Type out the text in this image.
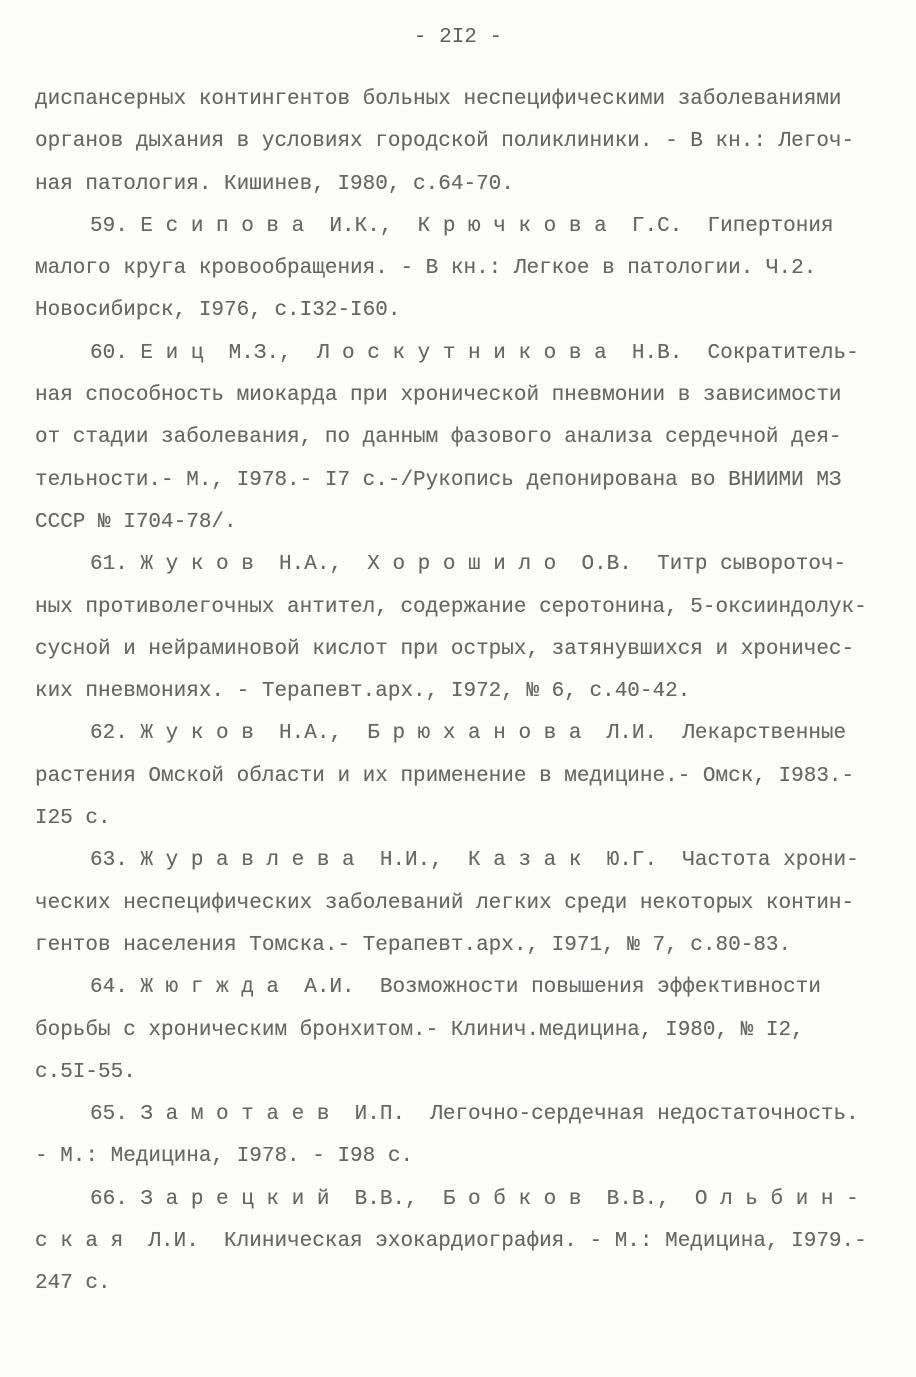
- 2I2 -
диспансерных контингентов больных неспецифическими заболеваниями
органов дыхания в условиях городской поликлиники. - В кн.: Легоч-
ная патология. Кишинев, I980, с.64-70.
59. Е с и п о в а  И.К.,  К р ю ч к о в а  Г.С.  Гипертония
малого круга кровообращения. - В кн.: Легкое в патологии. Ч.2.
Новосибирск, I976, с.I32-I60.
60. Е и ц  М.З.,  Л о с к у т н и к о в а  Н.В.  Сократитель-
ная способность миокарда при хронической пневмонии в зависимости
от стадии заболевания, по данным фазового анализа сердечной дея-
тельности.- М., I978.- I7 с.-/Рукопись депонирована во ВНИИМИ МЗ
СССР № I704-78/.
61. Ж у к о в  Н.А.,  Х о р о ш и л о  О.В.  Титр сывороточ-
ных противолегочных антител, содержание серотонина, 5-оксииндолук-
сусной и нейраминовой кислот при острых, затянувшихся и хроничес-
ких пневмониях. - Терапевт.арх., I972, № 6, с.40-42.
62. Ж у к о в  Н.А.,  Б р ю х а н о в а  Л.И.  Лекарственные
растения Омской области и их применение в медицине.- Омск, I983.-
I25 с.
63. Ж у р а в л е в а  Н.И.,  К а з а к  Ю.Г.  Частота хрони-
ческих неспецифических заболеваний легких среди некоторых контин-
гентов населения Томска.- Терапевт.арх., I971, № 7, с.80-83.
64. Ж ю г ж д а  А.И.  Возможности повышения эффективности
борьбы с хроническим бронхитом.- Клинич.медицина, I980, № I2,
с.5I-55.
65. З а м о т а е в  И.П.  Легочно-сердечная недостаточность.
- М.: Медицина, I978. - I98 с.
66. З а р е ц к и й  В.В.,  Б о б к о в  В.В.,  О л ь б и н -
с к а я  Л.И.  Клиническая эхокардиография. - М.: Медицина, I979.-
247 с.
